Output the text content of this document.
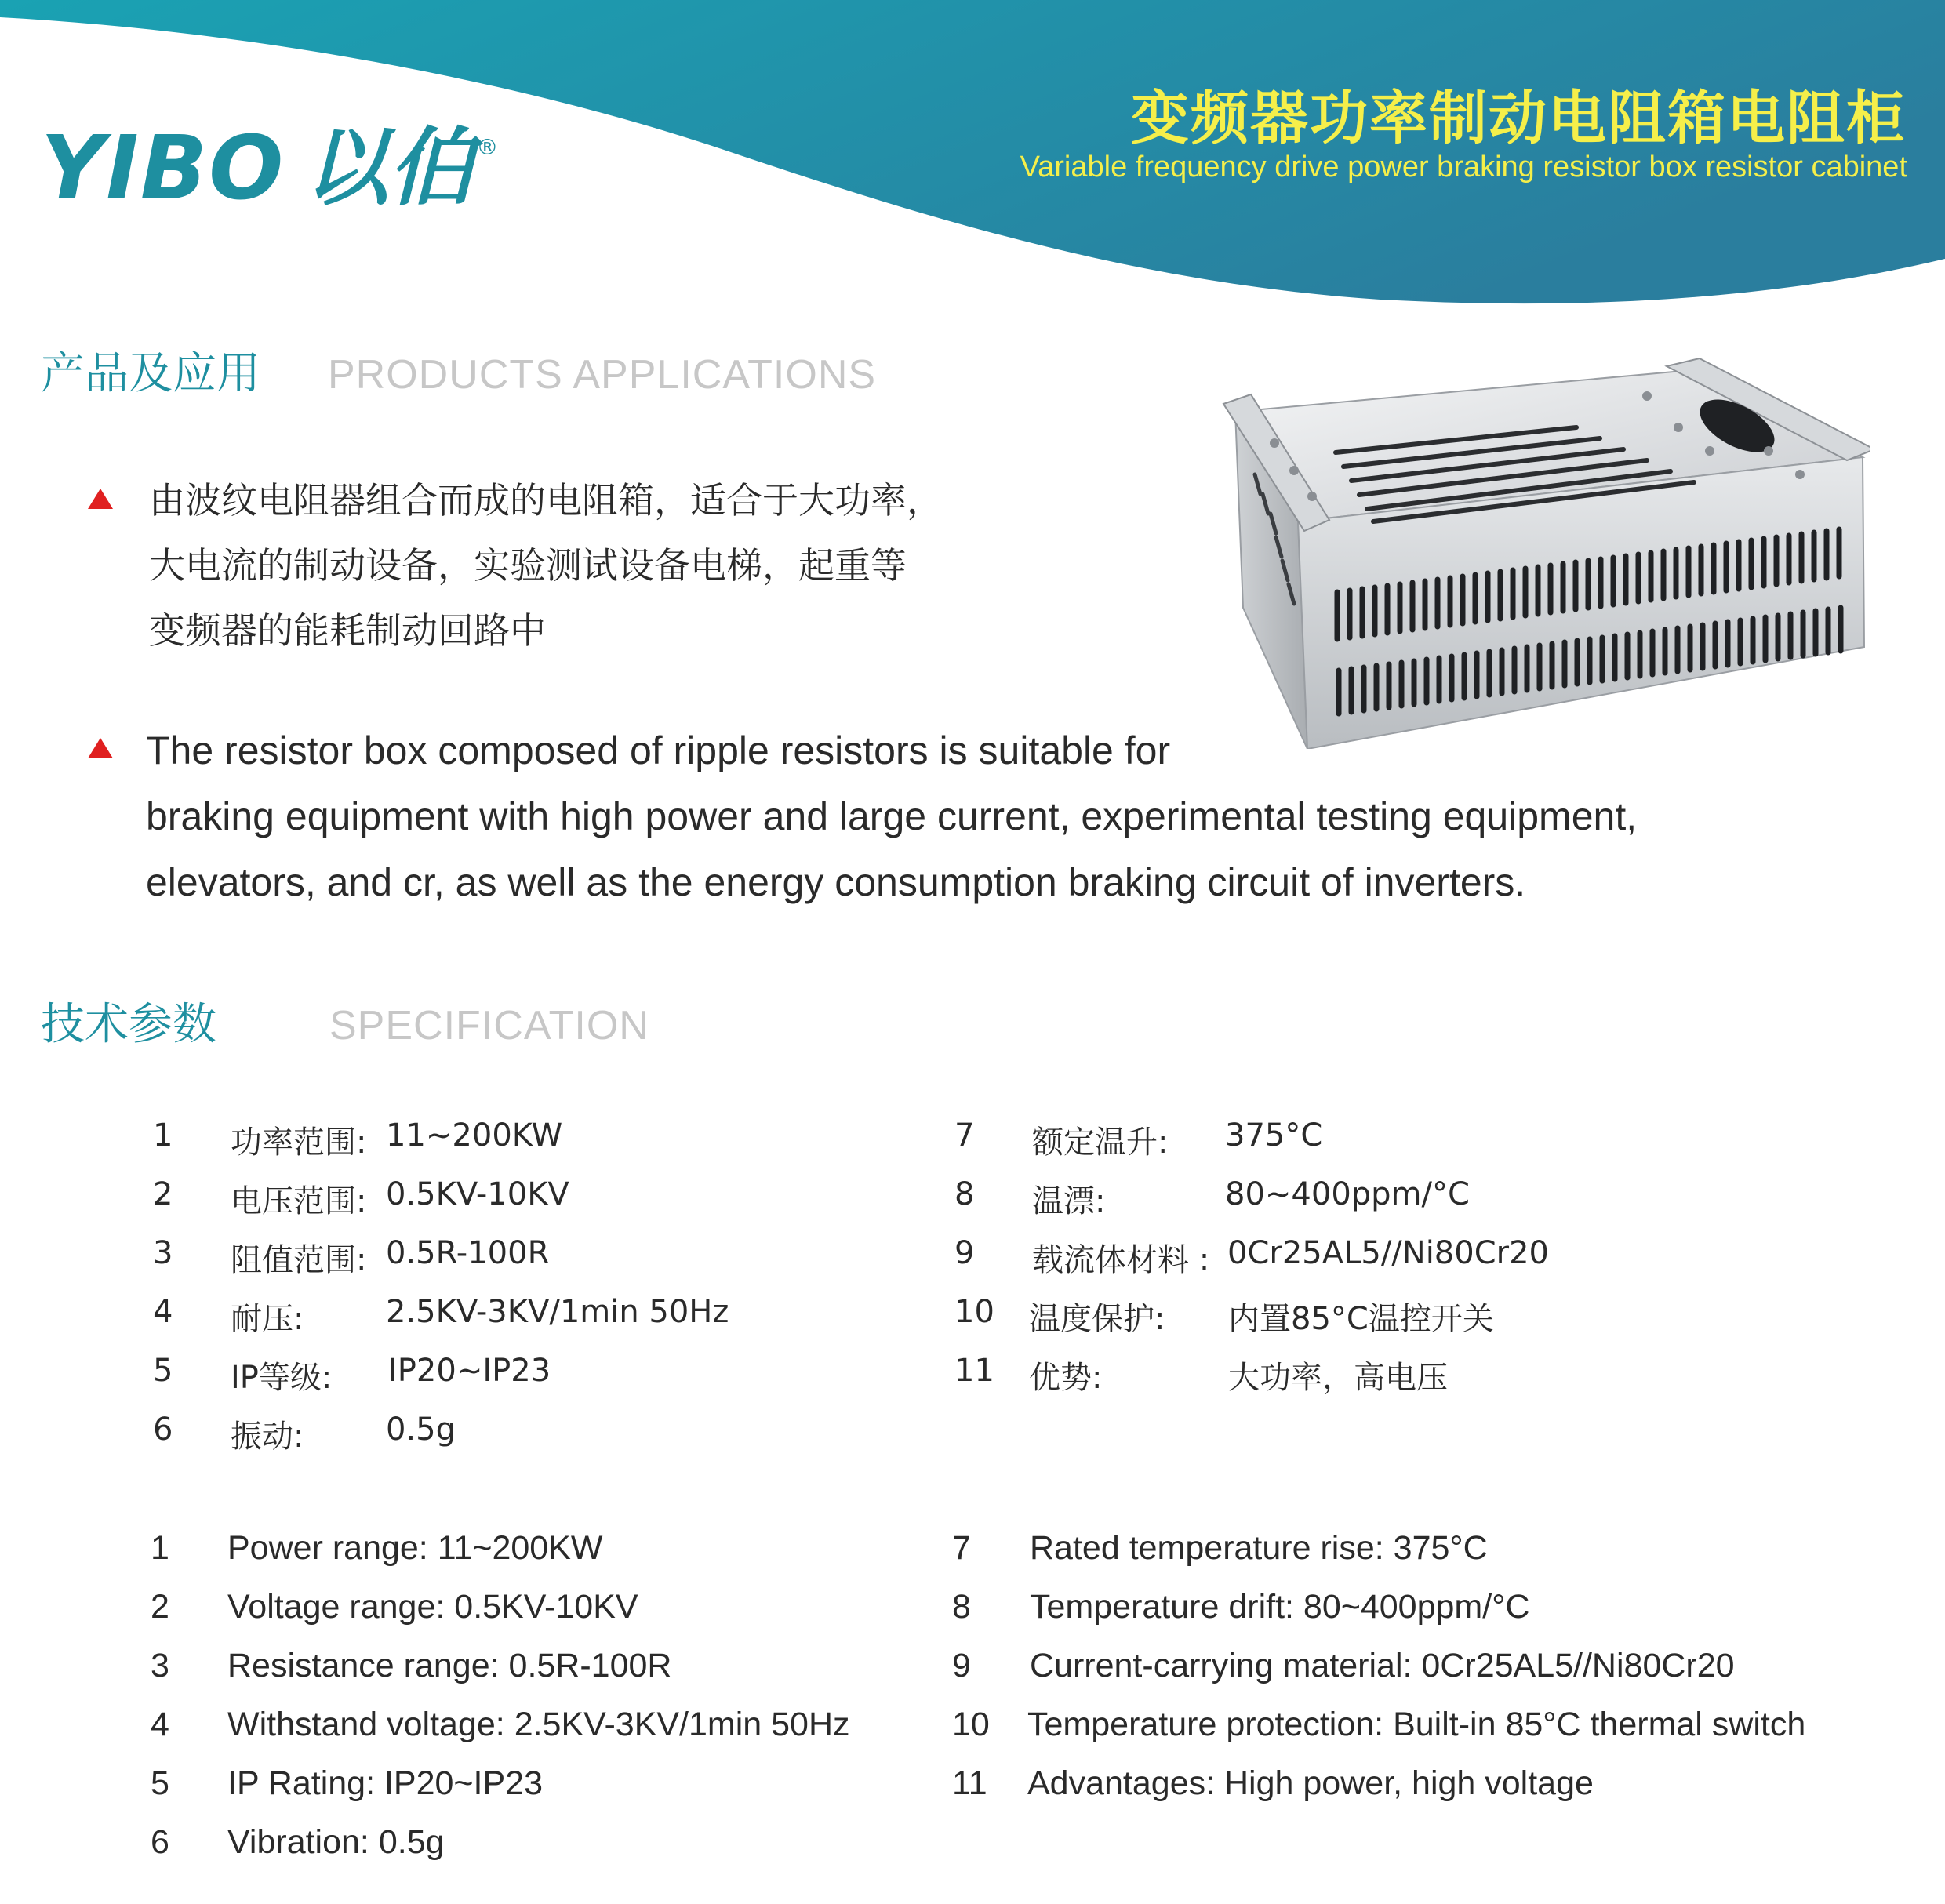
YIBO 以伯 ®	变频器功率制动电阻箱电阻柜
Variable frequency drive power braking resistor box resistor cabinet
产品及应用 PRODUCTS APPLICATIONS
由波纹电阻器组合而成的电阻箱，适合于大功率，
大电流的制动设备，实验测试设备电梯，起重等
变频器的能耗制动回路中
The resistor box composed of ripple resistors is suitable for
braking equipment with high power and large current, experimental testing equipment,
elevators, and cr, as well as the energy consumption braking circuit of inverters.
技术参数	SPECIFICATION
1 功率范围: 11~200KW
2 电压范围: 0.5KV-10KV
3 阻值范围: 0.5R-100R
4 耐压:	2.5KV-3KV/1min 50Hz
5 IP等级: IP20~IP23
6 振动:	0.5g
7 额定温升: 375°C
8 温漂:	80~400ppm/°C
9 载流体材料 : 0Cr25AL5//Ni80Cr20
10 温度保护: 内置85°C温控开关
11 优势:	大功率，高电压
1 Power range: 11~200KW
2 Voltage range: 0.5KV-10KV
3 Resistance range: 0.5R-100R
4 Withstand voltage: 2.5KV-3KV/1min 50Hz
5 IP Rating: IP20~IP23
6 Vibration: 0.5g
7 Rated temperature rise: 375°C
8 Temperature drift: 80~400ppm/°C
9 Current-carrying material: 0Cr25AL5//Ni80Cr20
10 Temperature protection: Built-in 85°C thermal switch
11 Advantages: High power, high voltage
